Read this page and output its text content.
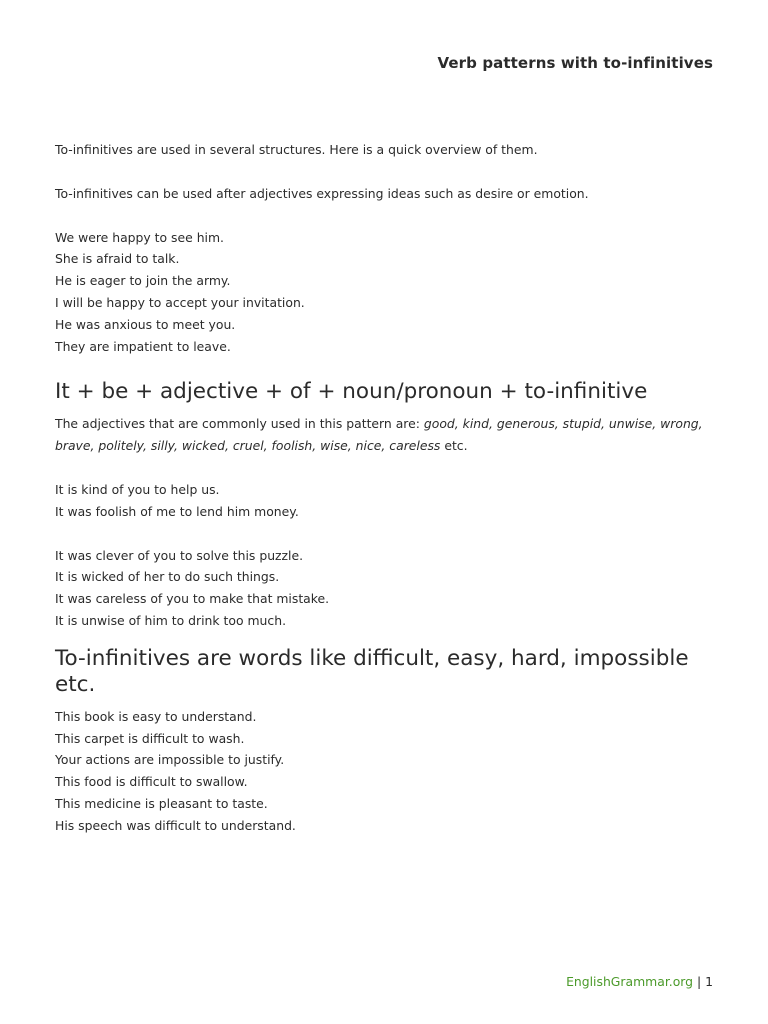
Verb patterns with to-infinitives

To-infinitives are used in several structures. Here is a quick overview of them.

To-infinitives can be used after adjectives expressing ideas such as desire or emotion.

We were happy to see him.

She is afraid to talk.

He is eager to join the army.

I will be happy to accept your invitation.

He was anxious to meet you.

They are impatient to leave.

It + be + adjective + of + noun/pronoun + to-infinitive

The adjectives that are commonly used in this pattern are: good, kind, generous, stupid, unwise, wrong, brave, politely, silly, wicked, cruel, foolish, wise, nice, careless etc.

It is kind of you to help us.

It was foolish of me to lend him money.

It was clever of you to solve this puzzle.

It is wicked of her to do such things.

It was careless of you to make that mistake.

It is unwise of him to drink too much.

To-infinitives are words like difficult, easy, hard, impossible etc.

This book is easy to understand.

This carpet is difficult to wash.

Your actions are impossible to justify.

This food is difficult to swallow.

This medicine is pleasant to taste.

His speech was difficult to understand.

EnglishGrammar.org | 1
